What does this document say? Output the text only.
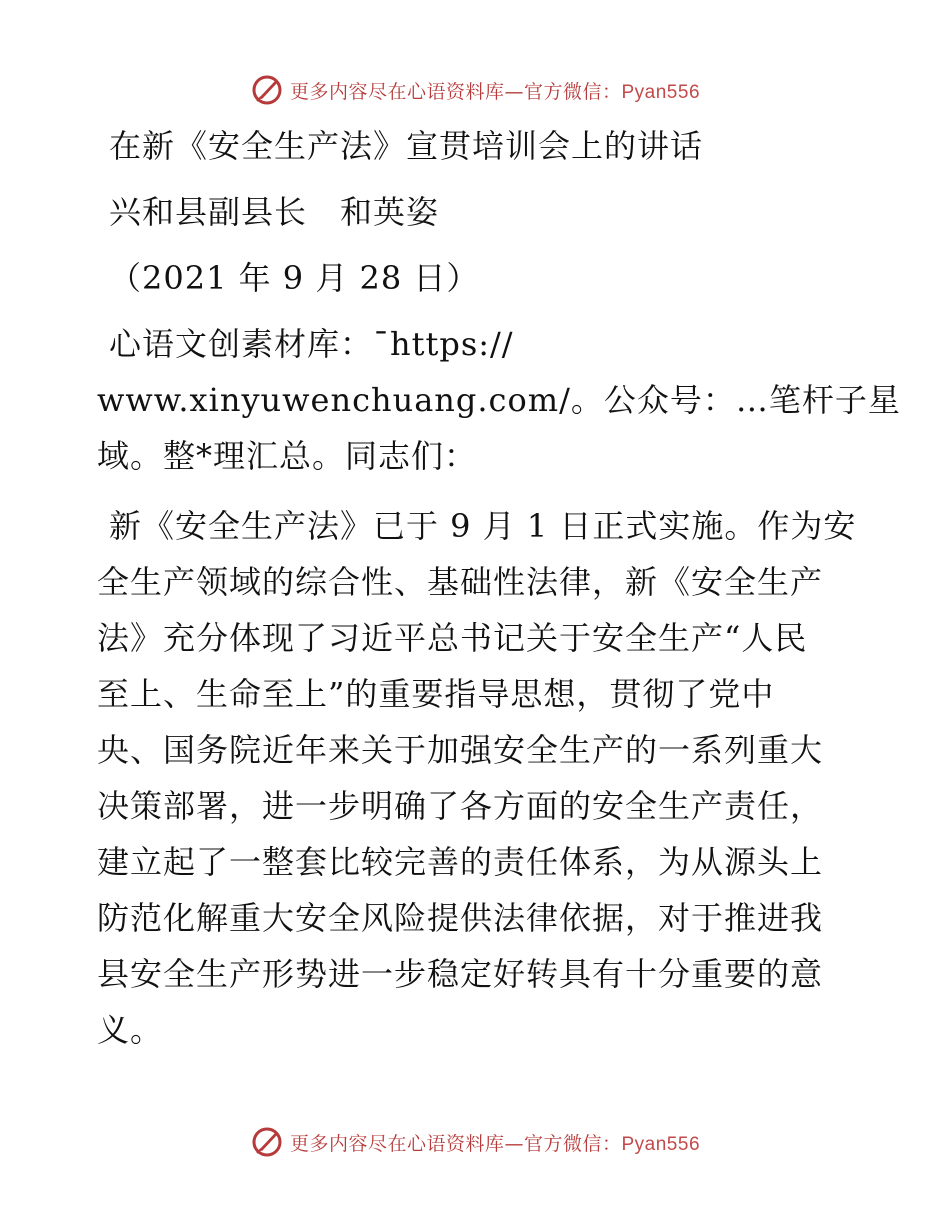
更多内容尽在心语资料库—官方微信：Pyan556
在新《安全生产法》宣贯培训会上的讲话
兴和县副县长　和英姿
（2021 年 9 月 28 日）
心语文创素材库：¯https://
www.xinyuwenchuang.com/。公众号：…笔杆子星
域。整*理汇总。同志们：
新《安全生产法》已于 9 月 1 日正式实施。作为安
全生产领域的综合性、基础性法律，新《安全生产
法》充分体现了习近平总书记关于安全生产“人民
至上、生命至上”的重要指导思想，贯彻了党中
央、国务院近年来关于加强安全生产的一系列重大
决策部署，进一步明确了各方面的安全生产责任，
建立起了一整套比较完善的责任体系，为从源头上
防范化解重大安全风险提供法律依据，对于推进我
县安全生产形势进一步稳定好转具有十分重要的意
义。
更多内容尽在心语资料库—官方微信：Pyan556
